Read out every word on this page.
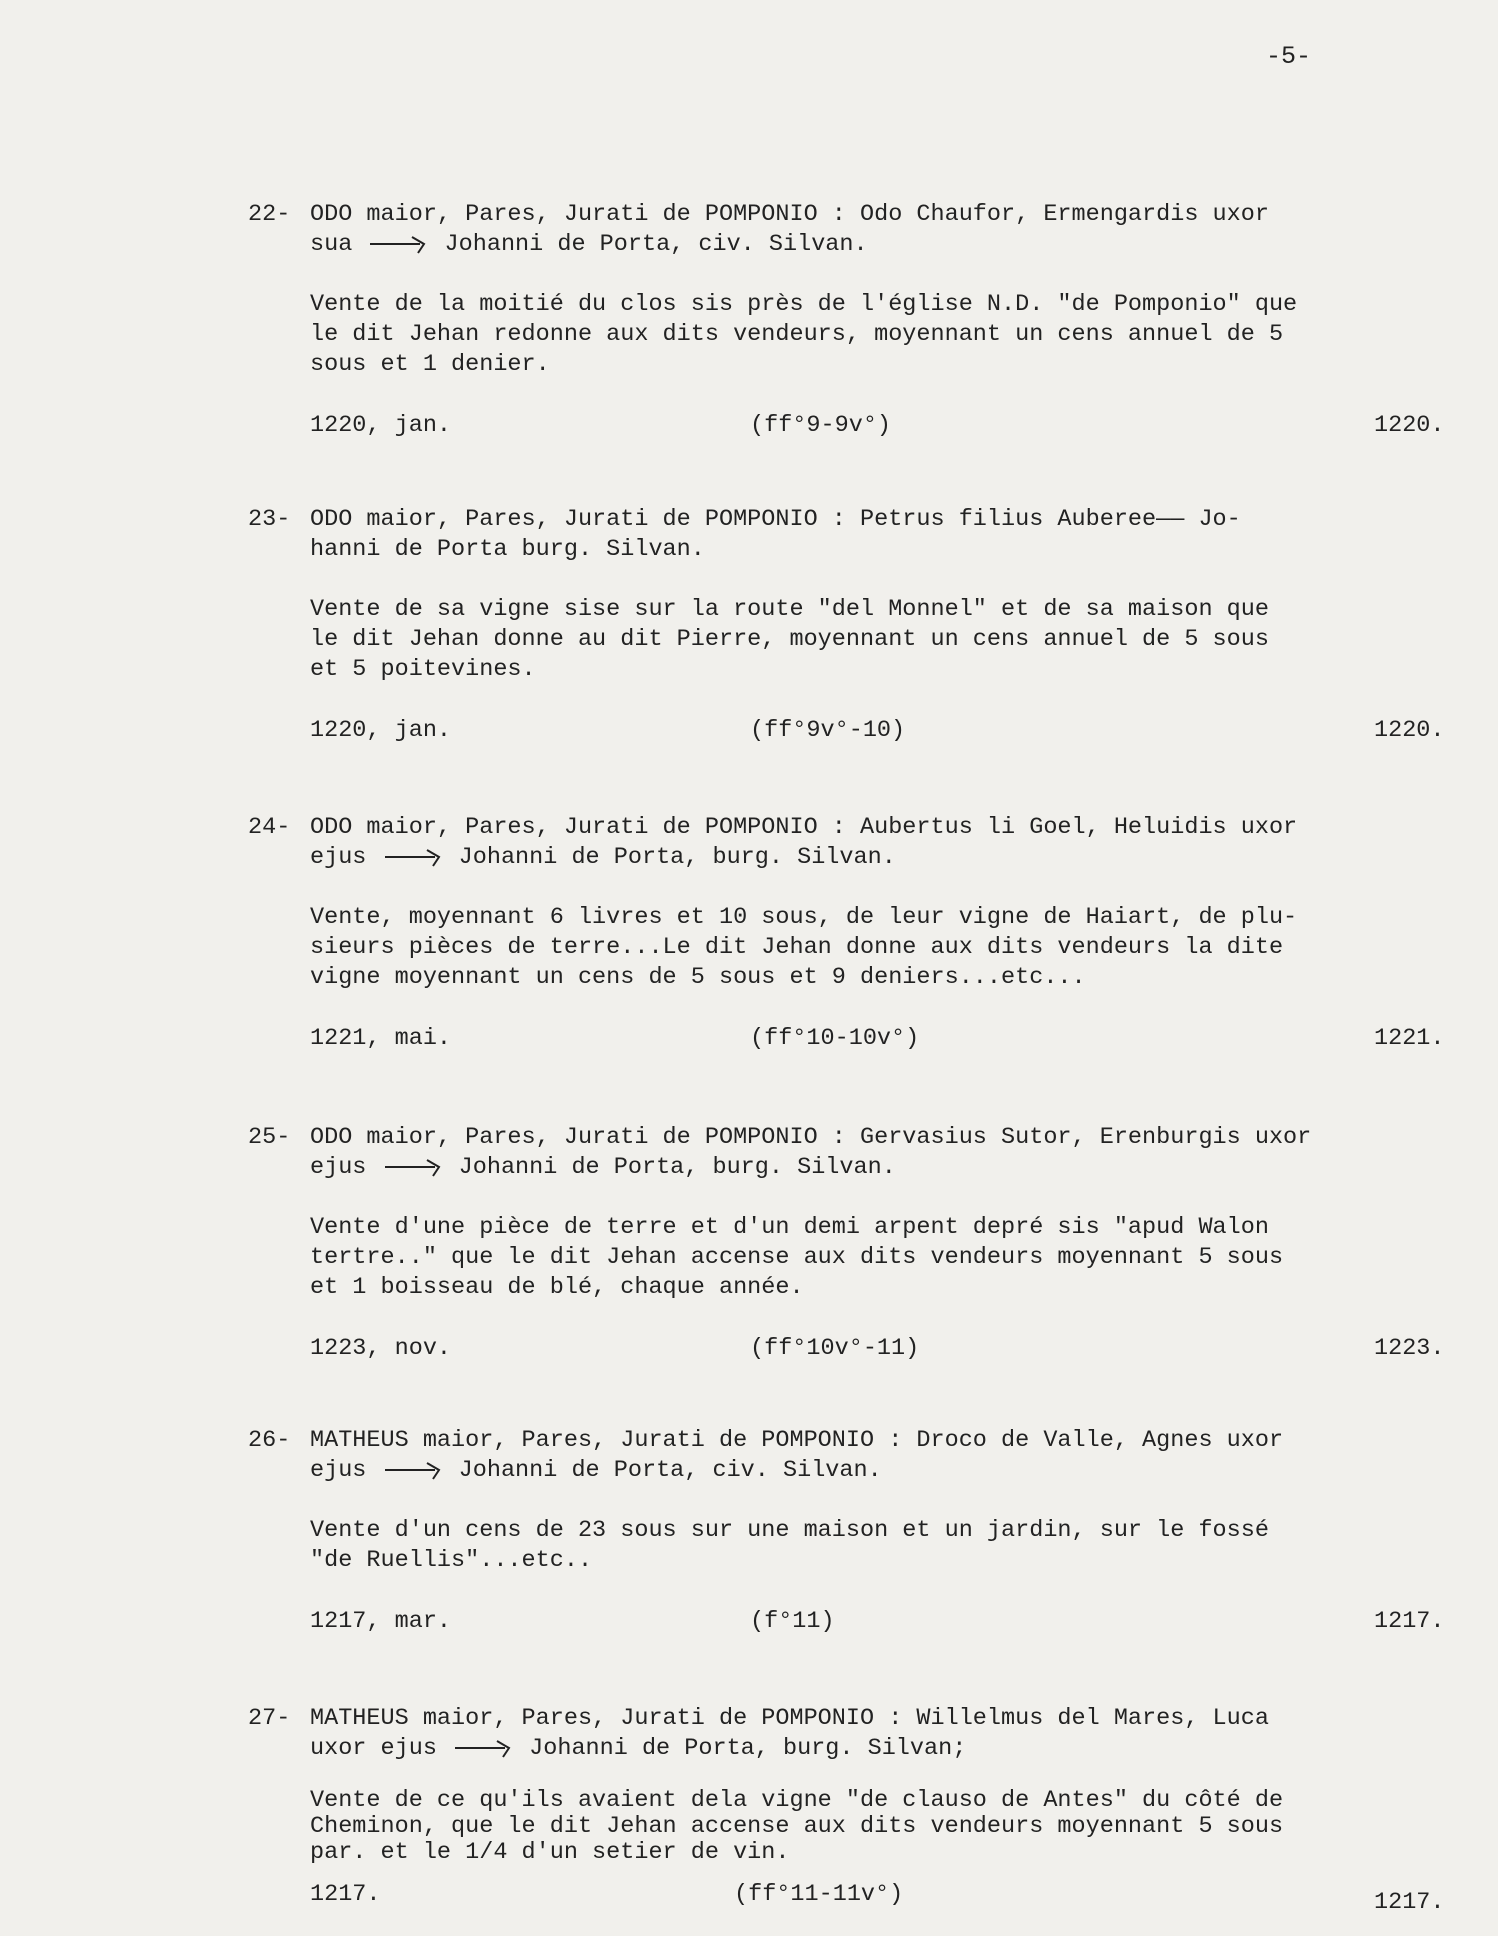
-5-
22- ODO maior, Pares, Jurati de POMPONIO : Odo Chaufor, Ermengardis uxor
sua	Johanni de Porta, civ. Silvan.
Vente de la moitié du clos sis près de l'église N.D. "de Pomponio" que
le dit Jehan redonne aux dits vendeurs, moyennant un cens annuel de 5
sous et 1 denier.
1220, jan.	(ff°9-9v°)	1220.
23- ODO maior, Pares, Jurati de POMPONIO : Petrus filius Auberee—— Jo-
hanni de Porta burg. Silvan.
Vente de sa vigne sise sur la route "del Monnel" et de sa maison que
le dit Jehan donne au dit Pierre, moyennant un cens annuel de 5 sous
et 5 poitevines.
1220, jan.	(ff°9v°-10)	1220.
24- ODO maior, Pares, Jurati de POMPONIO : Aubertus li Goel, Heluidis uxor
ejus	Johanni de Porta, burg. Silvan.
Vente, moyennant 6 livres et 10 sous, de leur vigne de Haiart, de plu-
sieurs pièces de terre...Le dit Jehan donne aux dits vendeurs la dite
vigne moyennant un cens de 5 sous et 9 deniers...etc...
1221, mai.	(ff°10-10v°)	1221.
25- ODO maior, Pares, Jurati de POMPONIO : Gervasius Sutor, Erenburgis uxor
ejus	Johanni de Porta, burg. Silvan.
Vente d'une pièce de terre et d'un demi arpent depré sis "apud Walon
tertre.." que le dit Jehan accense aux dits vendeurs moyennant 5 sous
et 1 boisseau de blé, chaque année.
1223, nov.	(ff°10v°-11)	1223.
26- MATHEUS maior, Pares, Jurati de POMPONIO : Droco de Valle, Agnes uxor
ejus	Johanni de Porta, civ. Silvan.
Vente d'un cens de 23 sous sur une maison et un jardin, sur le fossé
"de Ruellis"...etc..
1217, mar.	(f°11)	1217.
27- MATHEUS maior, Pares, Jurati de POMPONIO : Willelmus del Mares, Luca
uxor ejus	Johanni de Porta, burg. Silvan;
Vente de ce qu'ils avaient dela vigne "de clauso de Antes" du côté de
Cheminon, que le dit Jehan accense aux dits vendeurs moyennant 5 sous
par. et le 1/4 d'un setier de vin.
1217.	(ff°11-11v°)	1217.
